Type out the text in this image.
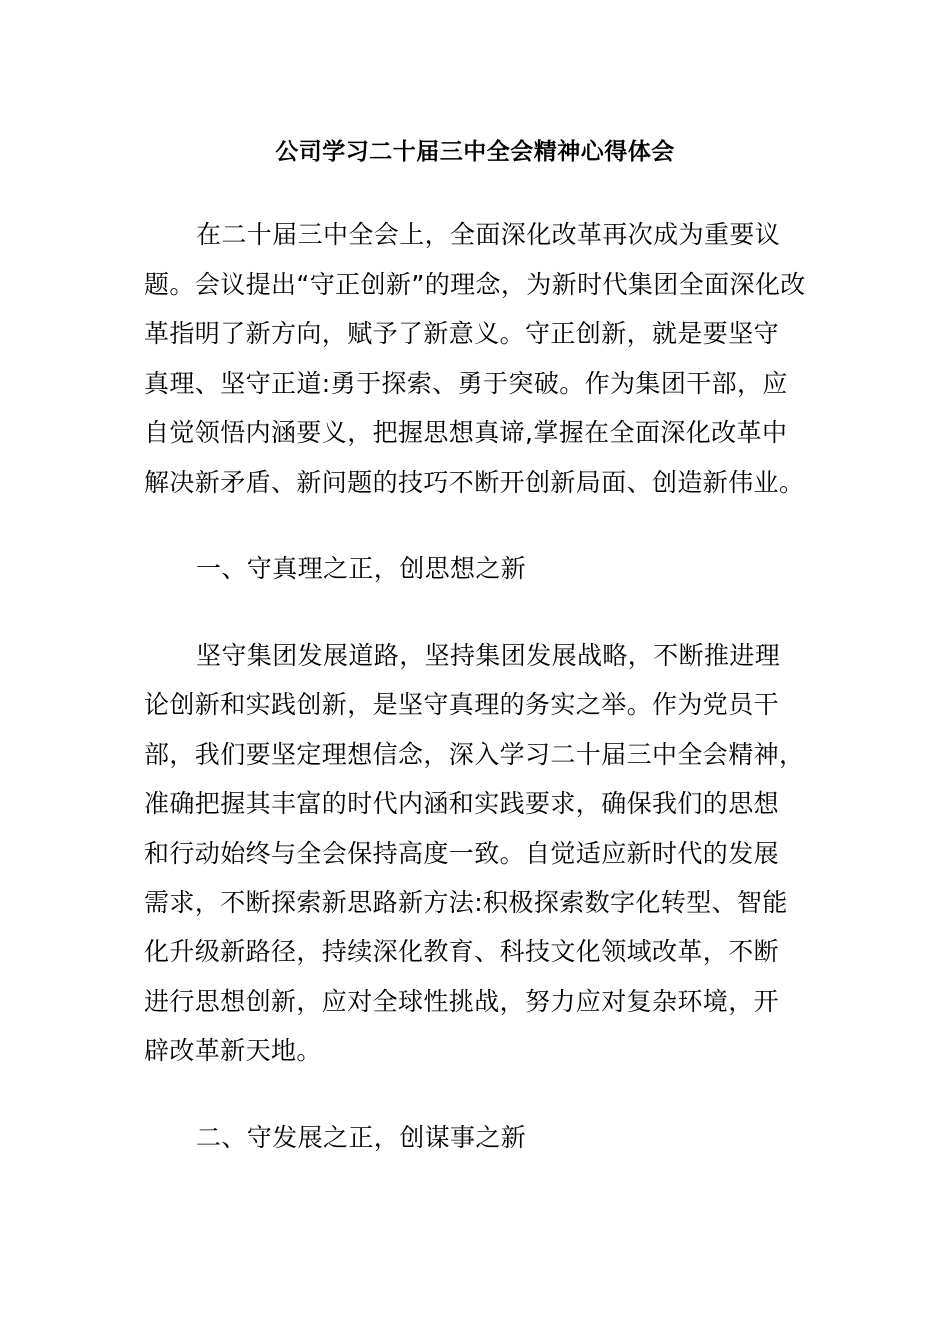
公司学习二十届三中全会精神心得体会

在二十届三中全会上，全面深化改革再次成为重要议

题。会议提出“守正创新”的理念，为新时代集团全面深化改

革指明了新方向，赋予了新意义。守正创新，就是要坚守

真理、坚守正道:勇于探索、勇于突破。作为集团干部，应

自觉领悟内涵要义，把握思想真谛,掌握在全面深化改革中

解决新矛盾、新问题的技巧不断开创新局面、创造新伟业。

一、守真理之正，创思想之新

坚守集团发展道路，坚持集团发展战略，不断推进理

论创新和实践创新，是坚守真理的务实之举。作为党员干

部，我们要坚定理想信念，深入学习二十届三中全会精神，

准确把握其丰富的时代内涵和实践要求，确保我们的思想

和行动始终与全会保持高度一致。自觉适应新时代的发展

需求，不断探索新思路新方法:积极探索数字化转型、智能

化升级新路径，持续深化教育、科技文化领域改革，不断

进行思想创新，应对全球性挑战，努力应对复杂环境，开

辟改革新天地。

二、守发展之正，创谋事之新
